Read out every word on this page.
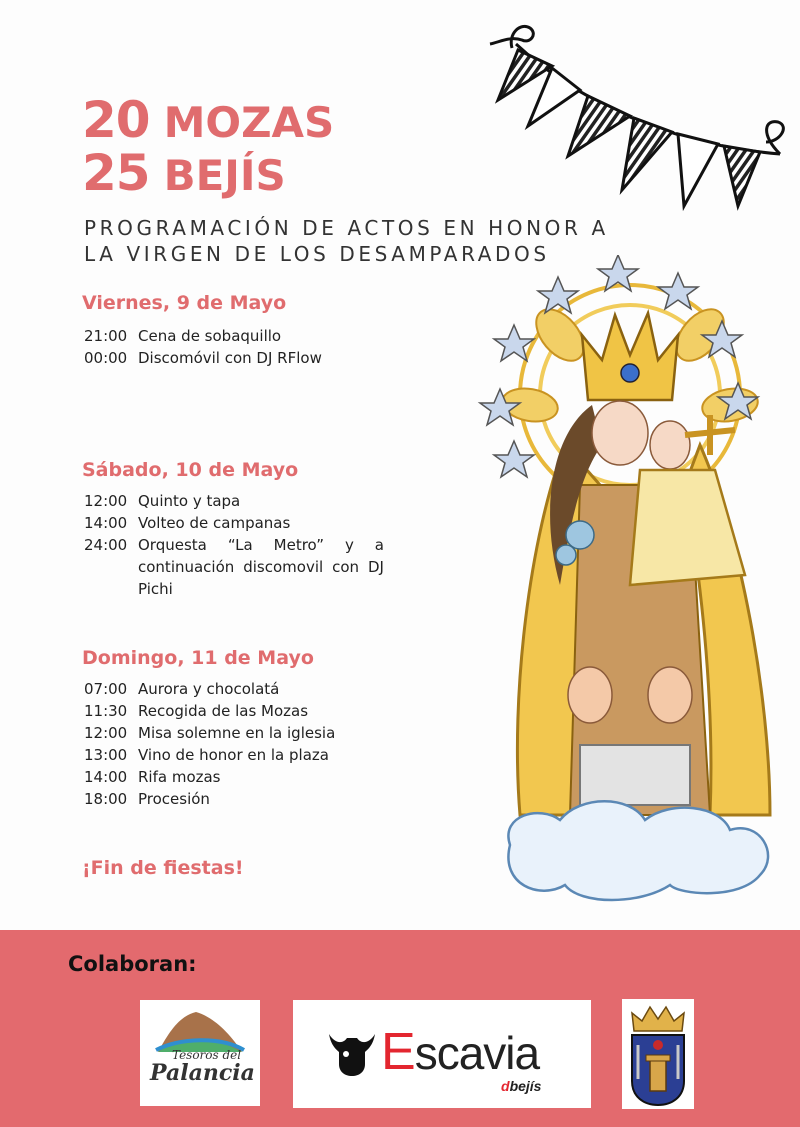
20 MOZAS
25 BEJÍS
PROGRAMACIÓN DE ACTOS EN HONOR A
LA VIRGEN DE LOS DESAMPARADOS
Viernes, 9 de Mayo
21:00 Cena de sobaquillo
00:00 Discomóvil con DJ RFlow
Sábado, 10 de Mayo
12:00 Quinto y tapa
14:00 Volteo de campanas
24:00 Orquesta “La Metro” y a continuación discomovil con DJ Pichi
Domingo, 11 de Mayo
07:00 Aurora y chocolatá
11:30 Recogida de las Mozas
12:00 Misa solemne en la iglesia
13:00 Vino de honor en la plaza
14:00 Rifa mozas
18:00 Procesión
¡Fin de fiestas!
Colaboran:
Tesoros del
Palancia Escavia
dbejís
